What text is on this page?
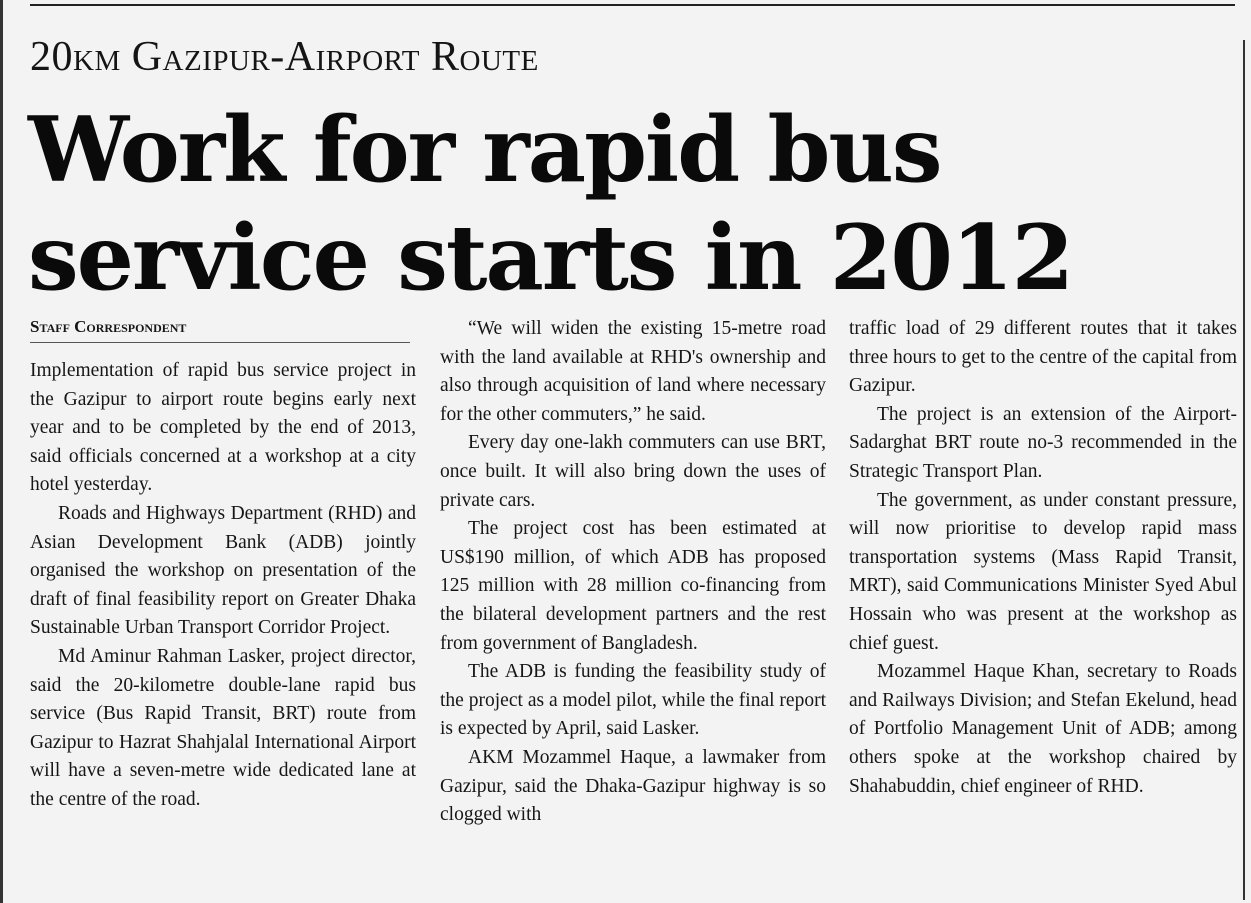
20km Gazipur-Airport Route
Work for rapid bus service starts in 2012
Staff Correspondent

Implementation of rapid bus service project in the Gazipur to airport route begins early next year and to be completed by the end of 2013, said officials concerned at a workshop at a city hotel yesterday.

Roads and Highways Department (RHD) and Asian Development Bank (ADB) jointly organised the workshop on presentation of the draft of final feasibility report on Greater Dhaka Sustainable Urban Transport Corridor Project.

Md Aminur Rahman Lasker, project director, said the 20-kilometre double-lane rapid bus service (Bus Rapid Transit, BRT) route from Gazipur to Hazrat Shahjalal International Airport will have a seven-metre wide dedicated lane at the centre of the road.

“We will widen the existing 15-metre road with the land available at RHD's ownership and also through acquisition of land where necessary for the other commuters,” he said.

Every day one-lakh commuters can use BRT, once built. It will also bring down the uses of private cars.

The project cost has been estimated at US$190 million, of which ADB has proposed 125 million with 28 million co-financing from the bilateral development partners and the rest from government of Bangladesh.

The ADB is funding the feasibility study of the project as a model pilot, while the final report is expected by April, said Lasker.

AKM Mozammel Haque, a lawmaker from Gazipur, said the Dhaka-Gazipur highway is so clogged with

traffic load of 29 different routes that it takes three hours to get to the centre of the capital from Gazipur.

The project is an extension of the Airport-Sadarghat BRT route no-3 recommended in the Strategic Transport Plan.

The government, as under constant pressure, will now prioritise to develop rapid mass transportation systems (Mass Rapid Transit, MRT), said Communications Minister Syed Abul Hossain who was present at the workshop as chief guest.

Mozammel Haque Khan, secretary to Roads and Railways Division; and Stefan Ekelund, head of Portfolio Management Unit of ADB; among others spoke at the workshop chaired by Shahabuddin, chief engineer of RHD.
